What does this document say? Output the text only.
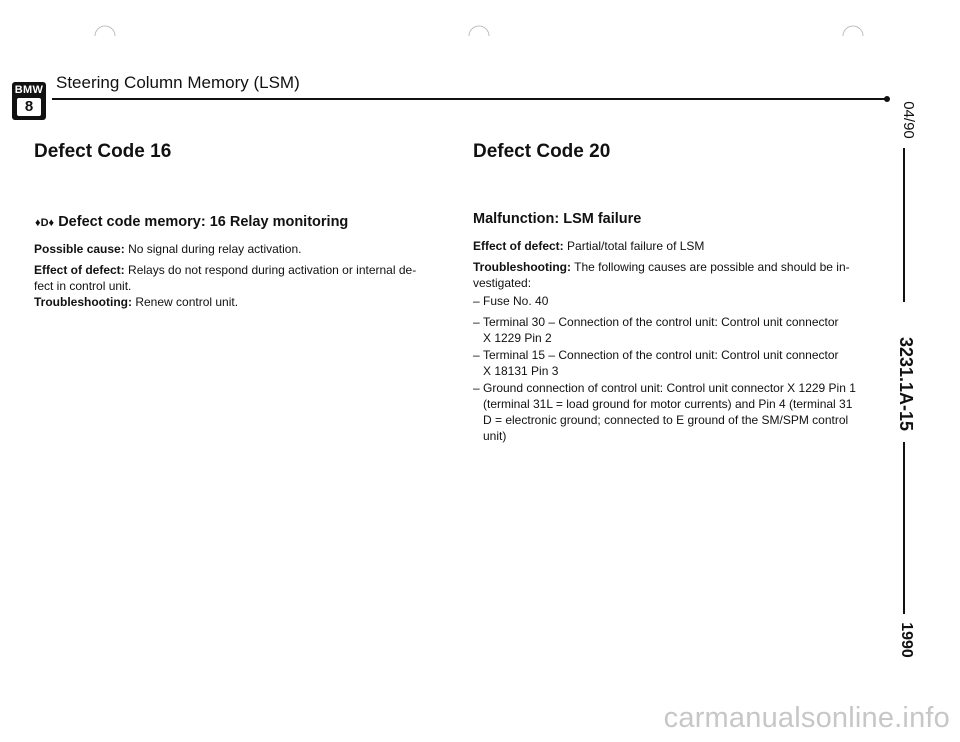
BMW
8
Steering Column Memory (LSM)
Defect Code 16
♦D♦ Defect code memory: 16 Relay monitoring
Possible cause: No signal during relay activation.
Effect of defect: Relays do not respond during activation or internal de-
fect in control unit.
Troubleshooting: Renew control unit.
Defect Code 20
Malfunction: LSM failure
Effect of defect: Partial/total failure of LSM
Troubleshooting: The following causes are possible and should be in-
vestigated:
– Fuse No. 40
– Terminal 30 – Connection of the control unit: Control unit connector
X 1229 Pin 2
– Terminal 15 – Connection of the control unit: Control unit connector
X 18131 Pin 3
– Ground connection of control unit: Control unit connector X 1229 Pin 1
(terminal 31L = load ground for motor currents) and Pin 4 (terminal 31
D = electronic ground; connected to E ground of the SM/SPM control
unit)
04/90
3231.1A-15
1990
carmanualsonline.info
